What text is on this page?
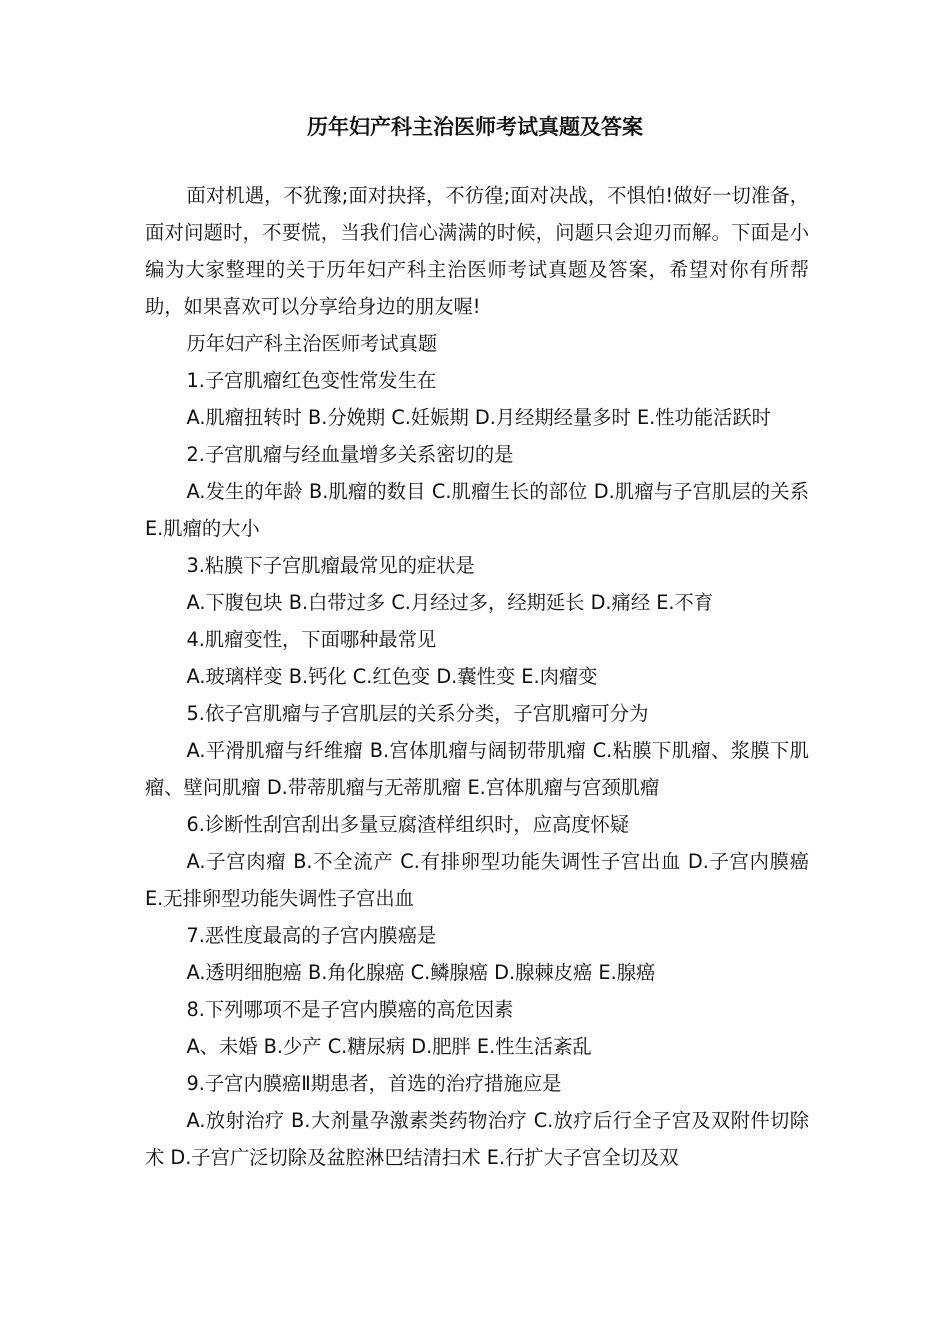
历年妇产科主治医师考试真题及答案

面对机遇，不犹豫;面对抉择，不彷徨;面对决战，不惧怕!做好一切准备，面对问题时，不要慌，当我们信心满满的时候，问题只会迎刃而解。下面是小编为大家整理的关于历年妇产科主治医师考试真题及答案，希望对你有所帮助，如果喜欢可以分享给身边的朋友喔!

历年妇产科主治医师考试真题

1.子宫肌瘤红色变性常发生在

A.肌瘤扭转时 B.分娩期 C.妊娠期 D.月经期经量多时 E.性功能活跃时

2.子宫肌瘤与经血量增多关系密切的是

A.发生的年龄 B.肌瘤的数目 C.肌瘤生长的部位 D.肌瘤与子宫肌层的关系 E.肌瘤的大小

3.粘膜下子宫肌瘤最常见的症状是

A.下腹包块 B.白带过多 C.月经过多，经期延长 D.痛经 E.不育

4.肌瘤变性，下面哪种最常见

A.玻璃样变 B.钙化 C.红色变 D.囊性变 E.肉瘤变

5.依子宫肌瘤与子宫肌层的关系分类，子宫肌瘤可分为

A.平滑肌瘤与纤维瘤 B.宫体肌瘤与阔韧带肌瘤 C.粘膜下肌瘤、浆膜下肌瘤、壁问肌瘤 D.带蒂肌瘤与无蒂肌瘤 E.宫体肌瘤与宫颈肌瘤

6.诊断性刮宫刮出多量豆腐渣样组织时，应高度怀疑

A.子宫肉瘤 B.不全流产 C.有排卵型功能失调性子宫出血 D.子宫内膜癌 E.无排卵型功能失调性子宫出血

7.恶性度最高的子宫内膜癌是

A.透明细胞癌 B.角化腺癌 C.鳞腺癌 D.腺棘皮癌 E.腺癌

8.下列哪项不是子宫内膜癌的高危因素

A、未婚 B.少产 C.糖尿病 D.肥胖 E.性生活紊乱

9.子宫内膜癌Ⅱ期患者，首选的治疗措施应是

A.放射治疗 B.大剂量孕激素类药物治疗 C.放疗后行全子宫及双附件切除术 D.子宫广泛切除及盆腔淋巴结清扫术 E.行扩大子宫全切及双
